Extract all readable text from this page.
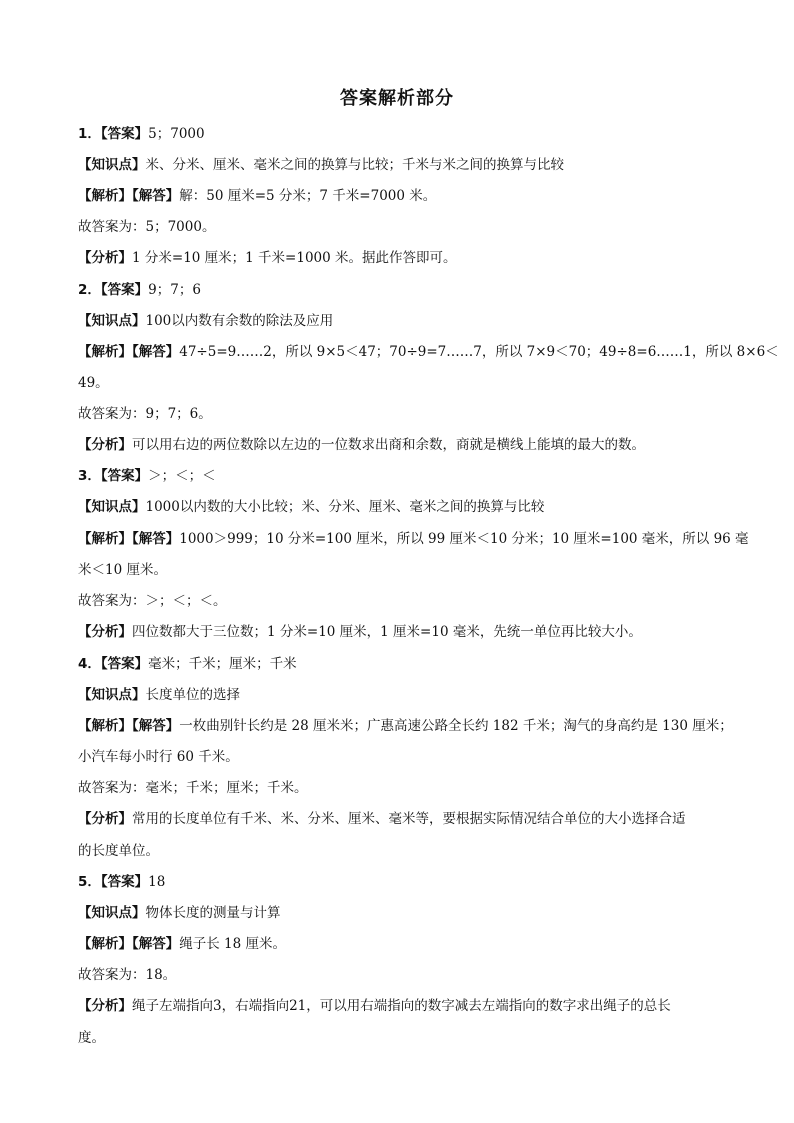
答案解析部分
1．【答案】5；7000
【知识点】米、分米、厘米、毫米之间的换算与比较；千米与米之间的换算与比较
【解析】【解答】解：50 厘米=5 分米；7 千米=7000 米。
故答案为：5；7000。
【分析】1 分米=10 厘米；1 千米=1000 米。据此作答即可。
2．【答案】9；7；6
【知识点】100以内数有余数的除法及应用
【解析】【解答】47÷5=9……2，所以 9×5＜47；70÷9=7……7，所以 7×9＜70；49÷8=6……1，所以 8×6＜
49。
故答案为：9；7；6。
【分析】可以用右边的两位数除以左边的一位数求出商和余数，商就是横线上能填的最大的数。
3．【答案】＞；＜；＜
【知识点】1000以内数的大小比较；米、分米、厘米、毫米之间的换算与比较
【解析】【解答】1000＞999；10 分米=100 厘米，所以 99 厘米＜10 分米；10 厘米=100 毫米，所以 96 毫
米＜10 厘米。
故答案为：＞；＜；＜。
【分析】四位数都大于三位数；1 分米=10 厘米，1 厘米=10 毫米，先统一单位再比较大小。
4．【答案】毫米；千米；厘米；千米
【知识点】长度单位的选择
【解析】【解答】一枚曲别针长约是 28 厘米米；广惠高速公路全长约 182 千米；淘气的身高约是 130 厘米；
小汽车每小时行 60 千米。
故答案为：毫米；千米；厘米；千米。
【分析】常用的长度单位有千米、米、分米、厘米、毫米等，要根据实际情况结合单位的大小选择合适
的长度单位。
5．【答案】18
【知识点】物体长度的测量与计算
【解析】【解答】绳子长 18 厘米。
故答案为：18。
【分析】绳子左端指向3，右端指向21，可以用右端指向的数字减去左端指向的数字求出绳子的总长
度。
